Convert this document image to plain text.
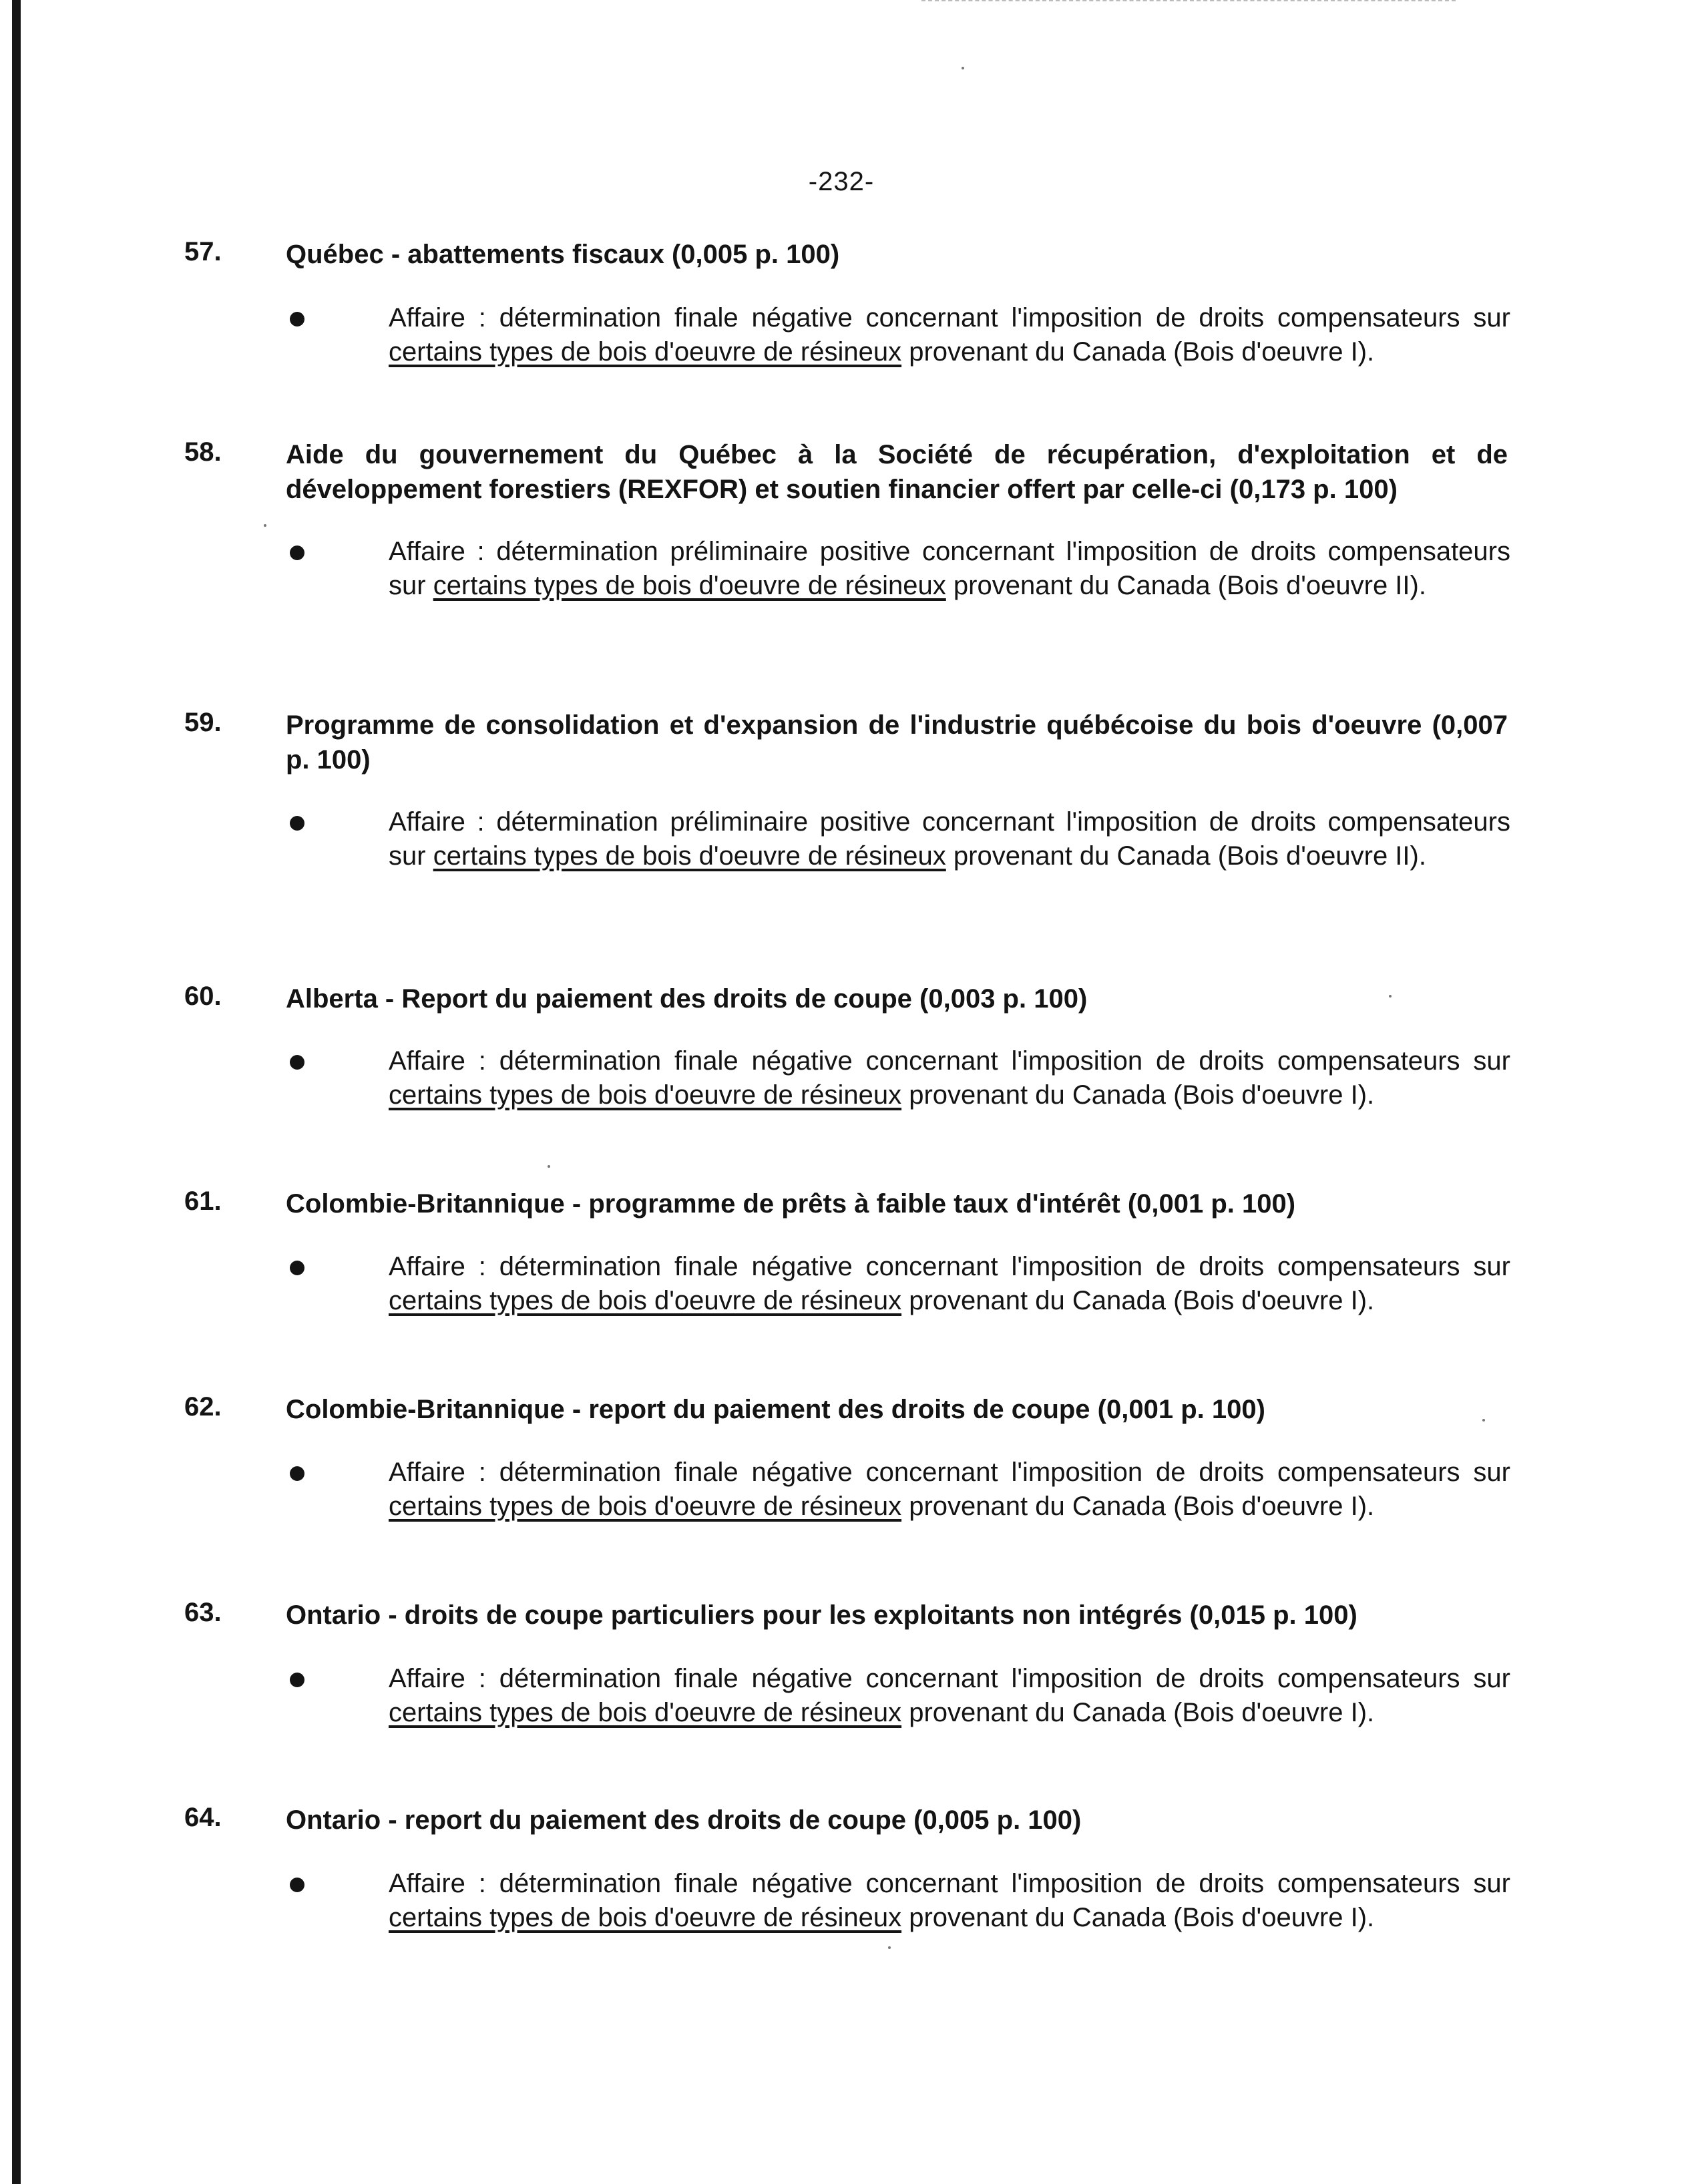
-232-
57. Québec - abattements fiscaux (0,005 p. 100)
Affaire : détermination finale négative concernant l'imposition de droits compensateurs sur certains types de bois d'oeuvre de résineux provenant du Canada (Bois d'oeuvre I).
58. Aide du gouvernement du Québec à la Société de récupération, d'exploitation et de développement forestiers (REXFOR) et soutien financier offert par celle-ci (0,173 p. 100)
Affaire : détermination préliminaire positive concernant l'imposition de droits compensateurs sur certains types de bois d'oeuvre de résineux provenant du Canada (Bois d'oeuvre II).
59. Programme de consolidation et d'expansion de l'industrie québécoise du bois d'oeuvre (0,007 p. 100)
Affaire : détermination préliminaire positive concernant l'imposition de droits compensateurs sur certains types de bois d'oeuvre de résineux provenant du Canada (Bois d'oeuvre II).
60. Alberta - Report du paiement des droits de coupe (0,003 p. 100)
Affaire : détermination finale négative concernant l'imposition de droits compensateurs sur certains types de bois d'oeuvre de résineux provenant du Canada (Bois d'oeuvre I).
61. Colombie-Britannique - programme de prêts à faible taux d'intérêt (0,001 p. 100)
Affaire : détermination finale négative concernant l'imposition de droits compensateurs sur certains types de bois d'oeuvre de résineux provenant du Canada (Bois d'oeuvre I).
62. Colombie-Britannique - report du paiement des droits de coupe (0,001 p. 100)
Affaire : détermination finale négative concernant l'imposition de droits compensateurs sur certains types de bois d'oeuvre de résineux provenant du Canada (Bois d'oeuvre I).
63. Ontario - droits de coupe particuliers pour les exploitants non intégrés (0,015 p. 100)
Affaire : détermination finale négative concernant l'imposition de droits compensateurs sur certains types de bois d'oeuvre de résineux provenant du Canada (Bois d'oeuvre I).
64. Ontario - report du paiement des droits de coupe (0,005 p. 100)
Affaire : détermination finale négative concernant l'imposition de droits compensateurs sur certains types de bois d'oeuvre de résineux provenant du Canada (Bois d'oeuvre I).
